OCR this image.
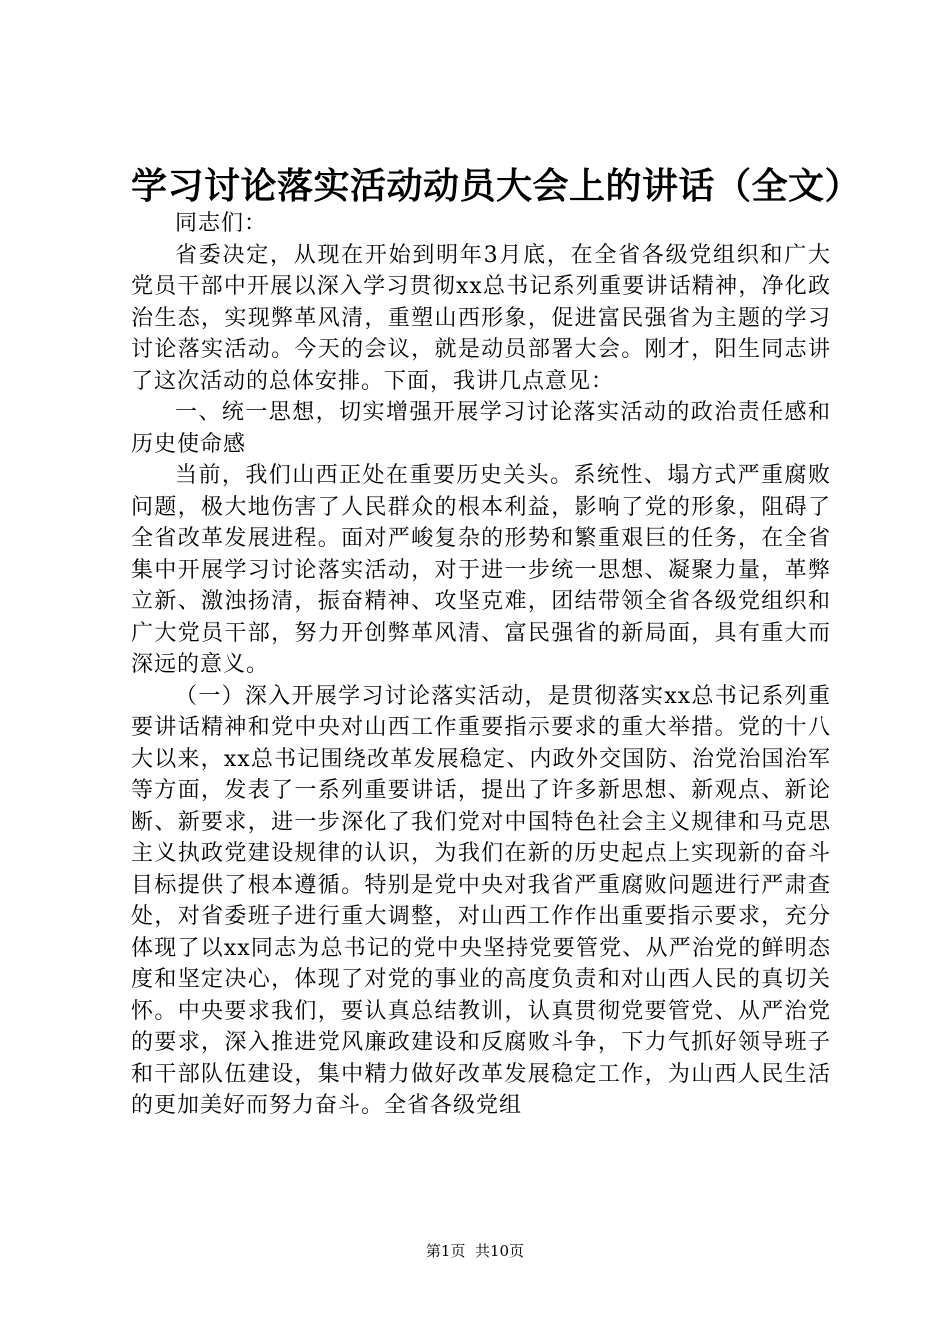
学习讨论落实活动动员大会上的讲话（全文）

同志们：

省委决定，从现在开始到明年3月底，在全省各级党组织和广大党员干部中开展以深入学习贯彻xx总书记系列重要讲话精神，净化政治生态，实现弊革风清，重塑山西形象，促进富民强省为主题的学习讨论落实活动。今天的会议，就是动员部署大会。刚才，阳生同志讲了这次活动的总体安排。下面，我讲几点意见：

一、统一思想，切实增强开展学习讨论落实活动的政治责任感和历史使命感

当前，我们山西正处在重要历史关头。系统性、塌方式严重腐败问题，极大地伤害了人民群众的根本利益，影响了党的形象，阻碍了全省改革发展进程。面对严峻复杂的形势和繁重艰巨的任务，在全省集中开展学习讨论落实活动，对于进一步统一思想、凝聚力量，革弊立新、激浊扬清，振奋精神、攻坚克难，团结带领全省各级党组织和广大党员干部，努力开创弊革风清、富民强省的新局面，具有重大而深远的意义。

（一）深入开展学习讨论落实活动，是贯彻落实xx总书记系列重要讲话精神和党中央对山西工作重要指示要求的重大举措。党的十八大以来，xx总书记围绕改革发展稳定、内政外交国防、治党治国治军等方面，发表了一系列重要讲话，提出了许多新思想、新观点、新论断、新要求，进一步深化了我们党对中国特色社会主义规律和马克思主义执政党建设规律的认识，为我们在新的历史起点上实现新的奋斗目标提供了根本遵循。特别是党中央对我省严重腐败问题进行严肃查处，对省委班子进行重大调整，对山西工作作出重要指示要求，充分体现了以xx同志为总书记的党中央坚持党要管党、从严治党的鲜明态度和坚定决心，体现了对党的事业的高度负责和对山西人民的真切关怀。中央要求我们，要认真总结教训，认真贯彻党要管党、从严治党的要求，深入推进党风廉政建设和反腐败斗争，下力气抓好领导班子和干部队伍建设，集中精力做好改革发展稳定工作，为山西人民生活的更加美好而努力奋斗。全省各级党组

第1页  共10页
